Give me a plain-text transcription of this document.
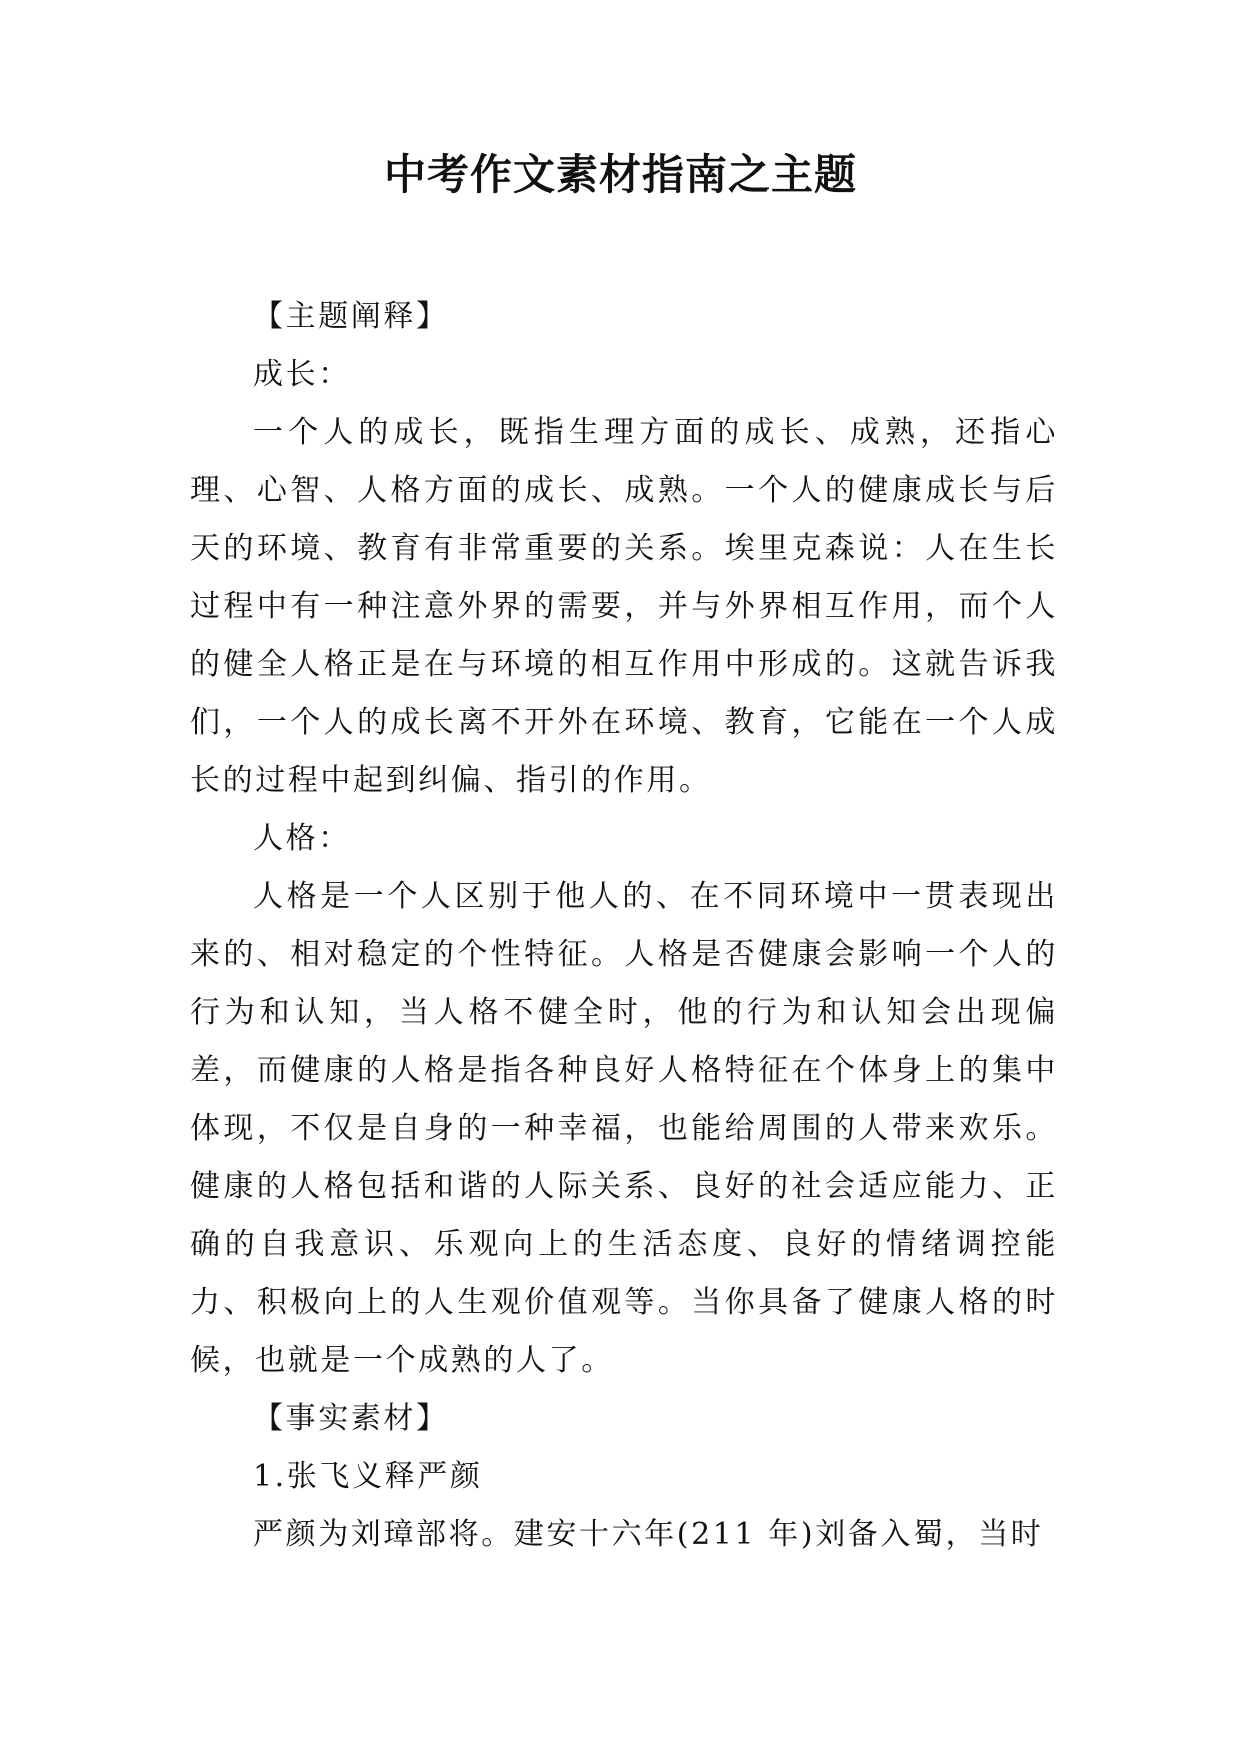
中考作文素材指南之主题

【主题阐释】

成长：

一个人的成长，既指生理方面的成长、成熟，还指心理、心智、人格方面的成长、成熟。一个人的健康成长与后天的环境、教育有非常重要的关系。埃里克森说：人在生长过程中有一种注意外界的需要，并与外界相互作用，而个人的健全人格正是在与环境的相互作用中形成的。这就告诉我们，一个人的成长离不开外在环境、教育，它能在一个人成长的过程中起到纠偏、指引的作用。

人格：

人格是一个人区别于他人的、在不同环境中一贯表现出来的、相对稳定的个性特征。人格是否健康会影响一个人的行为和认知，当人格不健全时，他的行为和认知会出现偏差，而健康的人格是指各种良好人格特征在个体身上的集中体现，不仅是自身的一种幸福，也能给周围的人带来欢乐。健康的人格包括和谐的人际关系、良好的社会适应能力、正确的自我意识、乐观向上的生活态度、良好的情绪调控能力、积极向上的人生观价值观等。当你具备了健康人格的时候，也就是一个成熟的人了。

【事实素材】

1.张飞义释严颜

严颜为刘璋部将。建安十六年(211 年)刘备入蜀，当时
